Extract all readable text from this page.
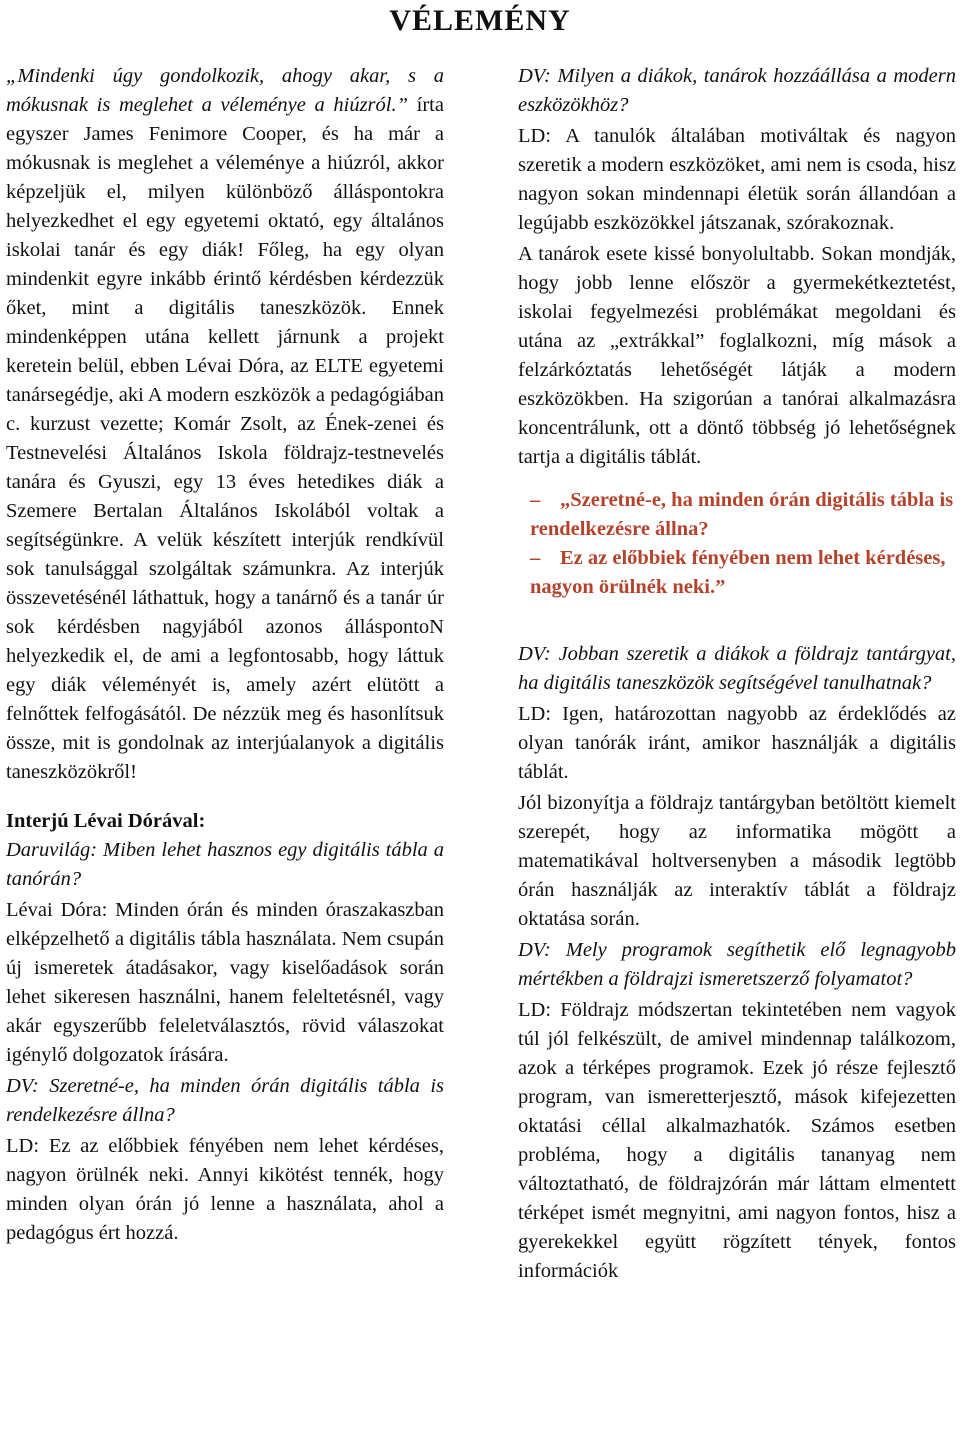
VÉLEMÉNY

„Mindenki úgy gondolkozik, ahogy akar, s a mókusnak is meglehet a véleménye a hiúzról.” írta egyszer James Fenimore Cooper, és ha már a mókusnak is meglehet a véleménye a hiúzról, akkor képzeljük el, milyen különböző álláspontokra helyezkedhet el egy egyetemi oktató, egy általános iskolai tanár és egy diák! Főleg, ha egy olyan mindenkit egyre inkább érintő kérdésben kérdezzük őket, mint a digitális taneszközök. Ennek mindenképpen utána kellett járnunk a projekt keretein belül, ebben Lévai Dóra, az ELTE egyetemi tanársegédje, aki A modern eszközök a pedagógiában c. kurzust vezette; Komár Zsolt, az Ének-zenei és Testnevelési Általános Iskola földrajz-testnevelés tanára és Gyuszi, egy 13 éves hetedikes diák a Szemere Bertalan Általános Iskolából voltak a segítségünkre. A velük készített interjúk rendkívül sok tanulsággal szolgáltak számunkra. Az interjúk összevetésénél láthattuk, hogy a tanárnő és a tanár úr sok kérdésben nagyjából azonos álláspontoN helyezkedik el, de ami a legfontosabb, hogy láttuk egy diák véleményét is, amely azért elütött a felnőttek felfogásától. De nézzük meg és hasonlítsuk össze, mit is gondolnak az interjúalanyok a digitális taneszközökről!

Interjú Lévai Dórával:

Daruvilág: Miben lehet hasznos egy digitális tábla a tanórán?

Lévai Dóra: Minden órán és minden óraszakaszban elképzelhető a digitális tábla használata. Nem csupán új ismeretek átadásakor, vagy kiselőadások során lehet sikeresen használni, hanem feleltetésnél, vagy akár egyszerűbb feleletválasztós, rövid válaszokat igénylő dolgozatok írására.

DV: Szeretné-e, ha minden órán digitális tábla is rendelkezésre állna?

LD: Ez az előbbiek fényében nem lehet kérdéses, nagyon örülnék neki. Annyi kikötést tennék, hogy minden olyan órán jó lenne a használata, ahol a pedagógus ért hozzá.

DV: Milyen a diákok, tanárok hozzáállása a modern eszközökhöz?

LD: A tanulók általában motiváltak és nagyon szeretik a modern eszközöket, ami nem is csoda, hisz nagyon sokan mindennapi életük során állandóan a legújabb eszközökkel játszanak, szórakoznak.

A tanárok esete kissé bonyolultabb. Sokan mondják, hogy jobb lenne először a gyermekétkeztetést, iskolai fegyelmezési problémákat megoldani és utána az „extrákkal” foglalkozni, míg mások a felzárkóztatás lehetőségét látják a modern eszközökben. Ha szigorúan a tanórai alkalmazásra koncentrálunk, ott a döntő többség jó lehetőségnek tartja a digitális táblát.

– „Szeretné-e, ha minden órán digitális tábla is rendelkezésre állna?
– Ez az előbbiek fényében nem lehet kérdéses, nagyon örülnék neki.”

DV: Jobban szeretik a diákok a földrajz tantárgyat, ha digitális taneszközök segítségével tanulhatnak?

LD: Igen, határozottan nagyobb az érdeklődés az olyan tanórák iránt, amikor használják a digitális táblát.

Jól bizonyítja a földrajz tantárgyban betöltött kiemelt szerepét, hogy az informatika mögött a matematikával holtversenyben a második legtöbb órán használják az interaktív táblát a földrajz oktatása során.

DV: Mely programok segíthetik elő legnagyobb mértékben a földrajzi ismeretszerző folyamatot?

LD: Földrajz módszertan tekintetében nem vagyok túl jól felkészült, de amivel mindennap találkozom, azok a térképes programok. Ezek jó része fejlesztő program, van ismeretterjesztő, mások kifejezetten oktatási céllal alkalmazhatók. Számos esetben probléma, hogy a digitális tananyag nem változtatható, de földrajzórán már láttam elmentett térképet ismét megnyitni, ami nagyon fontos, hisz a gyerekekkel együtt rögzített tények, fontos információk
